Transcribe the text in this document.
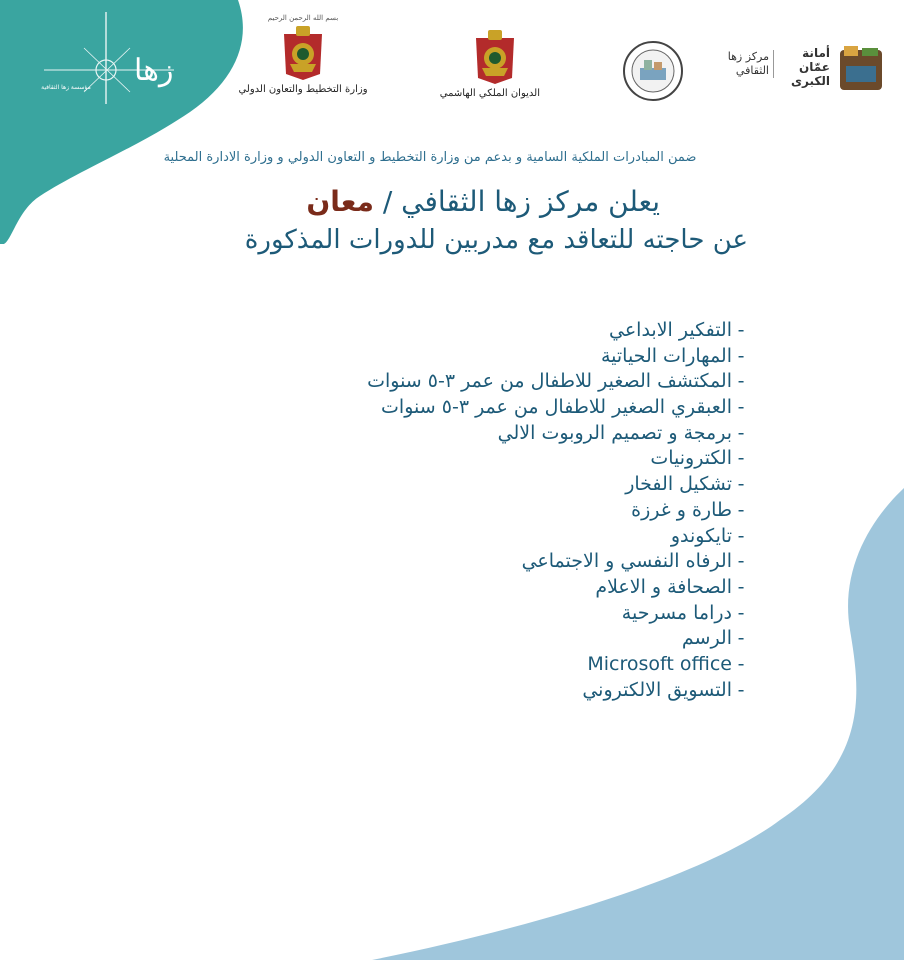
زها
مؤسسة زها الثقافية
بسم الله الرحمن الرحيم
وزارة التخطيط والتعاون الدولي	الديوان الملكي الهاشمي
أمانة عمّان الكبرى
مركز زها الثقافي
ضمن المبادرات الملكية السامية و بدعم من وزارة التخطيط و التعاون الدولي و وزارة الادارة المحلية
يعلن مركز زها الثقافي / معان
عن حاجته للتعاقد مع مدربين للدورات المذكورة
-التفكير الابداعي
-المهارات الحياتية
-المكتشف الصغير للاطفال من عمر ٣-٥ سنوات
-العبقري الصغير للاطفال من عمر ٣-٥ سنوات
-برمجة و تصميم الروبوت الالي
-الكترونيات
-تشكيل الفخار
-طارة و غرزة
-تايكوندو
-الرفاه النفسي و الاجتماعي
-الصحافة و الاعلام
-دراما مسرحية
-الرسم
-Microsoft office
-التسويق الالكتروني
